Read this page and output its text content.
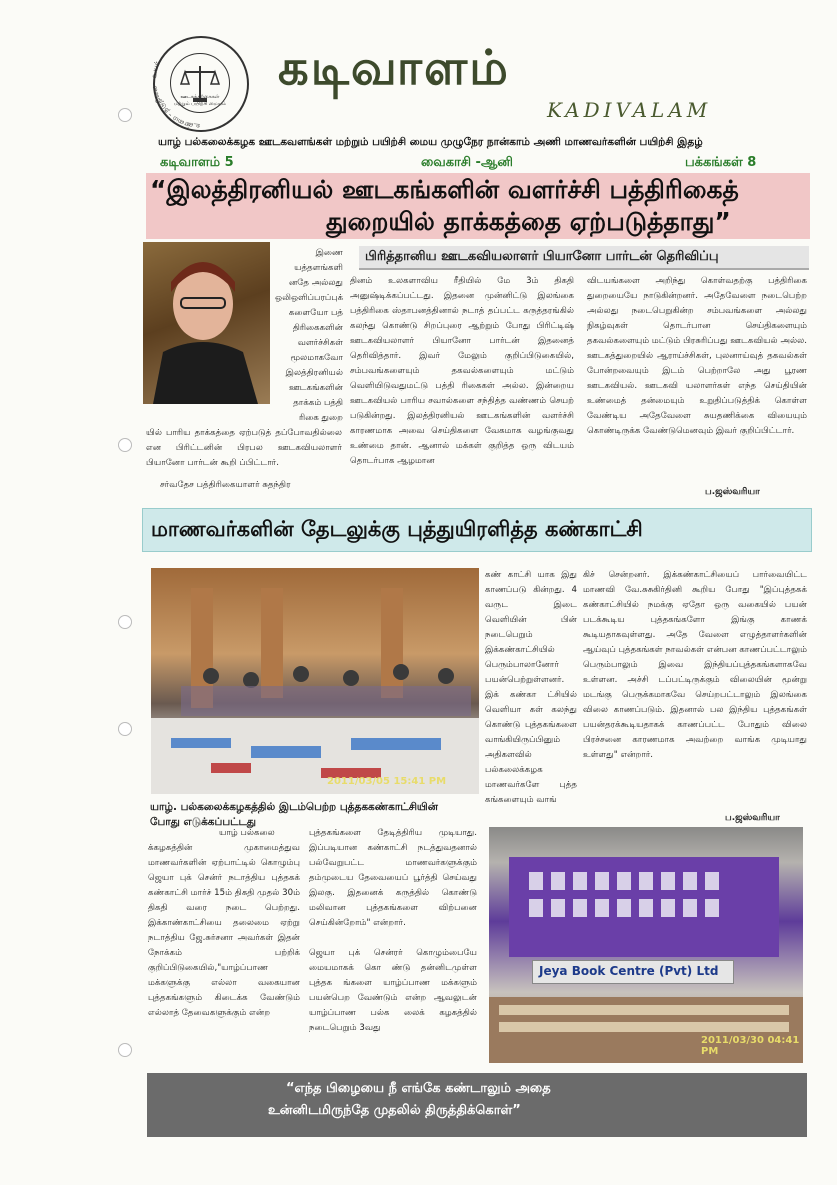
உண்மை - நடுநிலை - உயர்
ஊடகக்கற்கைகள் மற்றும் பயிற்சி மையம்
கடிவாளம்
KADIVALAM
யாழ் பல்கலைக்கழக ஊடகவளங்கள் மற்றும் பயிற்சி மைய முழுநேர நான்காம் அணி மாணவர்களின் பயிற்சி இதழ்
கடிவாளம் 5	வைகாசி -ஆனி	பக்கங்கள் 8
“இலத்திரனியல் ஊடகங்களின் வளர்ச்சி பத்திரிகைத்
துறையில் தாக்கத்தை ஏற்படுத்தாது”
பிரித்தானிய ஊடகவியலாளர் பியானோ பார்டன் தெரிவிப்பு
இணை
யத்தளங்களி
னதே அல்லது
ஒலிஒளிப்பரப்புக்
களையோ பத்
திரிகைகளின்
வளர்ச்சிகள்
மூலமாகவோ
இலத்திரனியல்
ஊடகங்களின்
தாக்கம் பத்தி
ரிகை துறை
யில் பாரிய தாக்கத்தை ஏற்படுத் தப்போவதில்லை என பிரிட்டனின் பிரபல ஊடகவியலாளர் பியானோ பார்டன் கூறி ப்பிட்டார்.
சர்வதேச பத்திரிகையாளர் சுதந்திர
தினம் உலகளாவிய ரீதியில் மே 3ம் திகதி அனுஷ்டிக்கப்பட்டது. இதனை முன்னிட்டு இலங்கை பத்திரிகை ஸ்தாபனத்தினால் நடாத் தப்பட்ட கருத்தரங்கில் கலந்து கொண்டு சிறப்புரை ஆற்றும் போது பிரிட்டிஷ் ஊடகவியலாளர் பியானோ பார்டன் இதனைத் தெரிவித்தார். இவர் மேலும் குறிப்பிடுகையில், சம்பவங்களையும் தகவல்களையும் மட்டும் வெளியிடுவதுமட்டு பத்தி ரிகைகள் அல்ல. இன்றைய ஊடகவியல் பாரிய சவால்களை சந்தித்த வண்ணம் செயற் படுகின்றது. இலத்திரனியல் ஊடகங்களின் வளர்ச்சி காரணமாக அவை செய்திகளை வேகமாக வழங்குவது உண்மை தான். ஆனால் மக்கள் குறித்த ஒரு விடயம் தொடர்பாக ஆழமான
விடயங்களை அறிந்து கொள்வதற்கு பத்திரிகை துறையையே நாடுகின்றனர். அதேவேளை நடைபெற்ற அல்லது நடைபெறுகின்ற சம்பவங்களை அல்லது நிகழ்வுகள் தொடர்பான செய்திகளையும் தகவல்களையும் மட்டும் பிரசுரிப்பது ஊடகவியல் அல்ல. ஊடகத்துறையில் ஆராய்ச்சிகள், புலனாய்வுத் தகவல்கள் போன்றவையும் இடம் பெற்றாலே அது பூரண ஊடகவியல். ஊடகவி யலாளர்கள் எந்த செய்தியின் உண்மைத் தன்மையும் உறுதிப்படுத்திக் கொள்ள வேண்டிய அதேவேளை சுயதணிக்கை வியையும் கொண்டிருக்க வேண்டுமெனவும் இவர் குறிப்பிட்டார்.
ப.ஜஸ்வரியா
மாணவர்களின் தேடலுக்கு புத்துயிரளித்த கண்காட்சி
2011/03/05 15:41 PM
யாழ். பல்கலைக்கழகத்தில் இடம்பெற்ற புத்தககண்காட்சியின்
போது எடுக்கப்பட்டது
கண் காட்சி யாக இது காணப்படு கின்றது. 4 வருட இடை வெளியின் பின் நடைபெறும் இக்கண்காட்சியில் பெரும்பாலானோர் பயன்பெற்றுள்ளனர். இக் கண்கா ட்சியில் வெளியா கள் கலந்து கொண்டு புத்தகங்களை வாங்கியிருப்பினும் அதிகளவில் பல்கலைக்கழக மாணவர்களே புத்த கங்களையும் வாங்
கிச் சென்றனர். இக்கண்காட்சியைப் பார்வையிட்ட மாணவி வே.சுசுகிர்தினி கூறிய போது "இப்புத்தகக் கண்காட்சியில் நமக்கு ஏதோ ஒரு வகையில் பயன் படக்கூடிய புத்தகங்களோ இங்கு காணக் கூடியதாகவுள்ளது. அதே வேளை எழுத்தாளர்களின் ஆய்வுப் புத்தகங்கள் நாவல்கள் என்பன காணப்பட்டாலும் பெரும்பாலும் இவை இந்தியப்புத்தகங்களாகவே உள்ளன. அச்சி டப்பட்டிருக்கும் விலையின் மூன்று மடங்கு பெருக்கமாகவே செய்றபட்டாலும் இலங்கை விலை காணப்படும். இதனால் பல இந்திய புத்தகங்கள் பயன்தரக்கூடியதாகக் காணப்பட்ட போதும் விலை பிரச்சனை காரணமாக அவற்றை வாங்க முடியாது உள்ளது" என்றார்.
ப.ஜஸ்வரியா
யாழ் பல்கலை
க்கழகத்தின் முகாமைத்துவ மாணவர்களின் ஏற்பாட்டில் கொழும்பு ஜெயா புக் சென்ர் நடாத்திய புத்தகக் கண்காட்சி மார்ச் 15ம் திகதி முதல் 30ம் திகதி வரை நடை பெற்றது. இக்காண்காட்சியை தலைமை ஏற்று நடாத்திய ஜே.சுர்சனா அவர்கள் இதன் நோக்கம் பற்றிக் குறிப்பிடுகையில்,"யாழ்ப்பாண மக்களுக்கு எல்லா வகையான புத்தகங்களும் கிடைக்க வேண்டும் எல்லாத் தேவைகளுக்கும் என்ற
புத்தகங்களை தேடித்திரிய முடியாது. இப்படியான கண்காட்சி நடத்துவதனால் பல்வேறுபட்ட மாணவர்களுக்கும் தம்முடைய தேவையைப் பூர்த்தி செய்வது இலகு. இதனைக் கருத்தில் கொண்டு மலிவான புத்தகங்களை விற்பனை செய்கின்றோம்" என்றார்.
ஜெயா புக் சென்ரர் கொழும்பையே மையமாகக் கொ ண்டு தன்னிடமுள்ள புத்தக ங்களை யாழ்ப்பாண மக்களும் பயன்பெற வேண்டும் என்ற ஆவலுடன் யாழ்ப்பாண பல்க லைக் கழகத்தில் நடைபெறும் 3வது
2011/03/30 04:41 PM
Jeya Book Centre (Pvt) Ltd
“எந்த பிழையை நீ எங்கே கண்டாலும் அதை
உன்னிடமிருந்தே முதலில் திருத்திக்கொள்”
